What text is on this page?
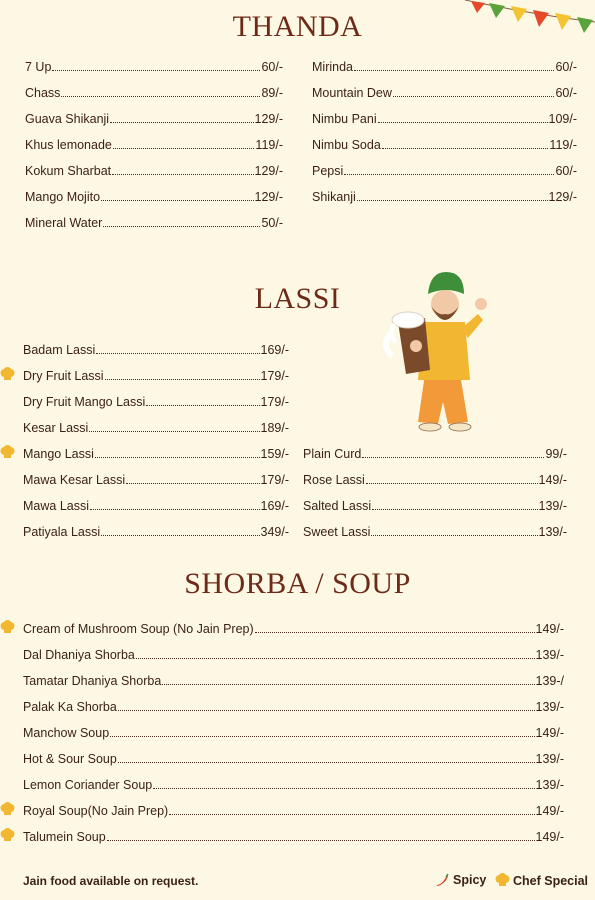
THANDA
7 Up	60/-
Chass	89/-
Guava Shikanji	129/-
Khus lemonade	119/-
Kokum Sharbat	129/-
Mango Mojito	129/-
Mineral Water	50/-
Mirinda	60/-
Mountain Dew	60/-
Nimbu Pani	109/-
Nimbu Soda	119/-
Pepsi	60/-
Shikanji	129/-
LASSI
Badam Lassi	169/-
Dry Fruit Lassi	179/-
Dry Fruit Mango Lassi	179/-
Kesar Lassi	189/-
Mango Lassi	159/-
Mawa Kesar Lassi	179/-
Mawa Lassi	169/-
Patiyala Lassi	349/-
Plain Curd	99/-
Rose Lassi	149/-
Salted Lassi	139/-
Sweet Lassi	139/-
SHORBA / SOUP
Cream of Mushroom Soup (No Jain Prep)	149/-
Dal Dhaniya Shorba	139/-
Tamatar Dhaniya Shorba	139-/
Palak Ka Shorba	139/-
Manchow Soup	149/-
Hot & Sour Soup	139/-
Lemon Coriander Soup	139/-
Royal Soup(No Jain Prep)	149/-
Talumein Soup	149/-
Jain food available on request.	Spicy Chef Special
